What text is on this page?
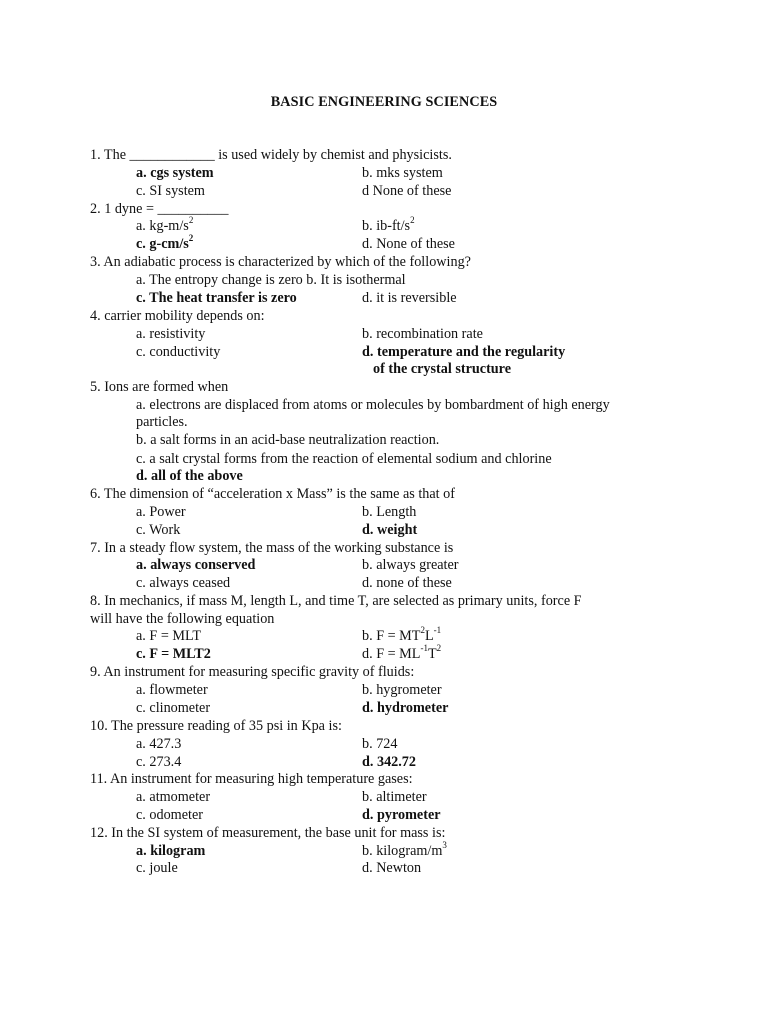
BASIC ENGINEERING SCIENCES
1. The ____________ is used widely by chemist and physicists.
a. cgs system	b. mks system
c. SI system	d None of these
2. 1 dyne = __________
a. $kg-m/s^2$	b. $ib-ft/s^2$
c. $g-cm/s^2$	d. None of these
3. An adiabatic process is characterized by which of the following?
a. The entropy change is zero b. It is isothermal
c. The heat transfer is zero	d. it is reversible
4. carrier mobility depends on:
a. resistivity	b. recombination rate
c. conductivity	d. temperature and the regularity
of the crystal structure
5. Ions are formed when
a. electrons are displaced from atoms or molecules by bombardment of high energy
particles.
b. a salt forms in an acid-base neutralization reaction.
c. a salt crystal forms from the reaction of elemental sodium and chlorine
d. all of the above
6. The dimension of “acceleration x Mass” is the same as that of
a. Power	b. Length
c. Work	d. weight
7. In a steady flow system, the mass of the working substance is
a. always conserved	b. always greater
c. always ceased	d. none of these
8. In mechanics, if mass M, length L, and time T, are selected as primary units, force F
will have the following equation
a. F = MLT	b. $F = MT^2L^{-1}$
c. F = MLT2	d. $F = ML^{-1}T^2$
9. An instrument for measuring specific gravity of fluids:
a. flowmeter	b. hygrometer
c. clinometer	d. hydrometer
10. The pressure reading of 35 psi in Kpa is:
a. 427.3	b. 724
c. 273.4	d. 342.72
11. An instrument for measuring high temperature gases:
a. atmometer	b. altimeter
c. odometer	d. pyrometer
12. In the SI system of measurement, the base unit for mass is:
a. kilogram	b. kilogram/$m^3$
c. joule	d. Newton
